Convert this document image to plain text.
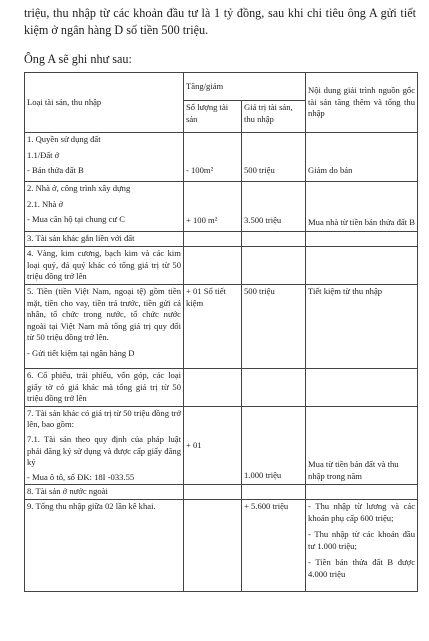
triệu, thu nhập từ các khoản đầu tư là 1 tỷ đồng, sau khi chi tiêu ông A gửi tiết kiệm ở ngân hàng D số tiền 500 triệu.
Ông A sẽ ghi như sau:
Loại tài sản, thu nhập	Tăng/giảm		Nội dung giải trình nguồn gốc tài sản tăng thêm và tổng thu nhập
	Số lượng tài sản	Giá trị tài sản, thu nhập	

1. Quyền sử dụng đất
1.1/Đất ở
- Bán thửa đất B	- 100m²	500 triệu	Giảm do bán

2. Nhà ở, công trình xây dựng
2.1. Nhà ở
- Mua căn hộ tại chung cư C	+ 100 m²	3.500 triệu	Mua nhà từ tiền bán thửa đất B
3. Tài sản khác gắn liền với đất			
4. Vàng, kim cương, bạch kim và các kim loại quý, đá quý khác có tổng giá trị từ 50 triệu đồng trở lên			

5. Tiền (tiền Việt Nam, ngoại tệ) gồm tiền mặt, tiền cho vay, tiền trả trước, tiền gửi cá nhân, tổ chức trong nước, tổ chức nước ngoài tại Việt Nam mà tổng giá trị quy đổi từ 50 triệu đồng trở lên.
- Gửi tiết kiệm tại ngân hàng D	+ 01 Sổ tiết kiệm	500 triệu	Tiết kiệm từ thu nhập
6. Cổ phiếu, trái phiếu, vốn góp, các loại giấy tờ có giá khác mà tổng giá trị từ 50 triệu đồng trở lên			

7. Tài sản khác có giá trị từ 50 triệu đồng trở lên, bao gồm:
7.1. Tài sản theo quy định của pháp luật phải đăng ký sử dụng và được cấp giấy đăng ký
- Mua ô tô, số ĐK: 18I -033.55	+ 01	1.000 triệu	Mua từ tiền bán đất và thu nhập trong năm
8. Tài sản ở nước ngoài			
9. Tổng thu nhập giữa 02 lần kê khai.		+ 5.600 triệu	- Thu nhập từ lương và các khoản phụ cấp 600 triệu;
- Thu nhập từ các khoản đầu tư 1.000 triệu;
- Tiền bán thửa đất B được 4.000 triệu
